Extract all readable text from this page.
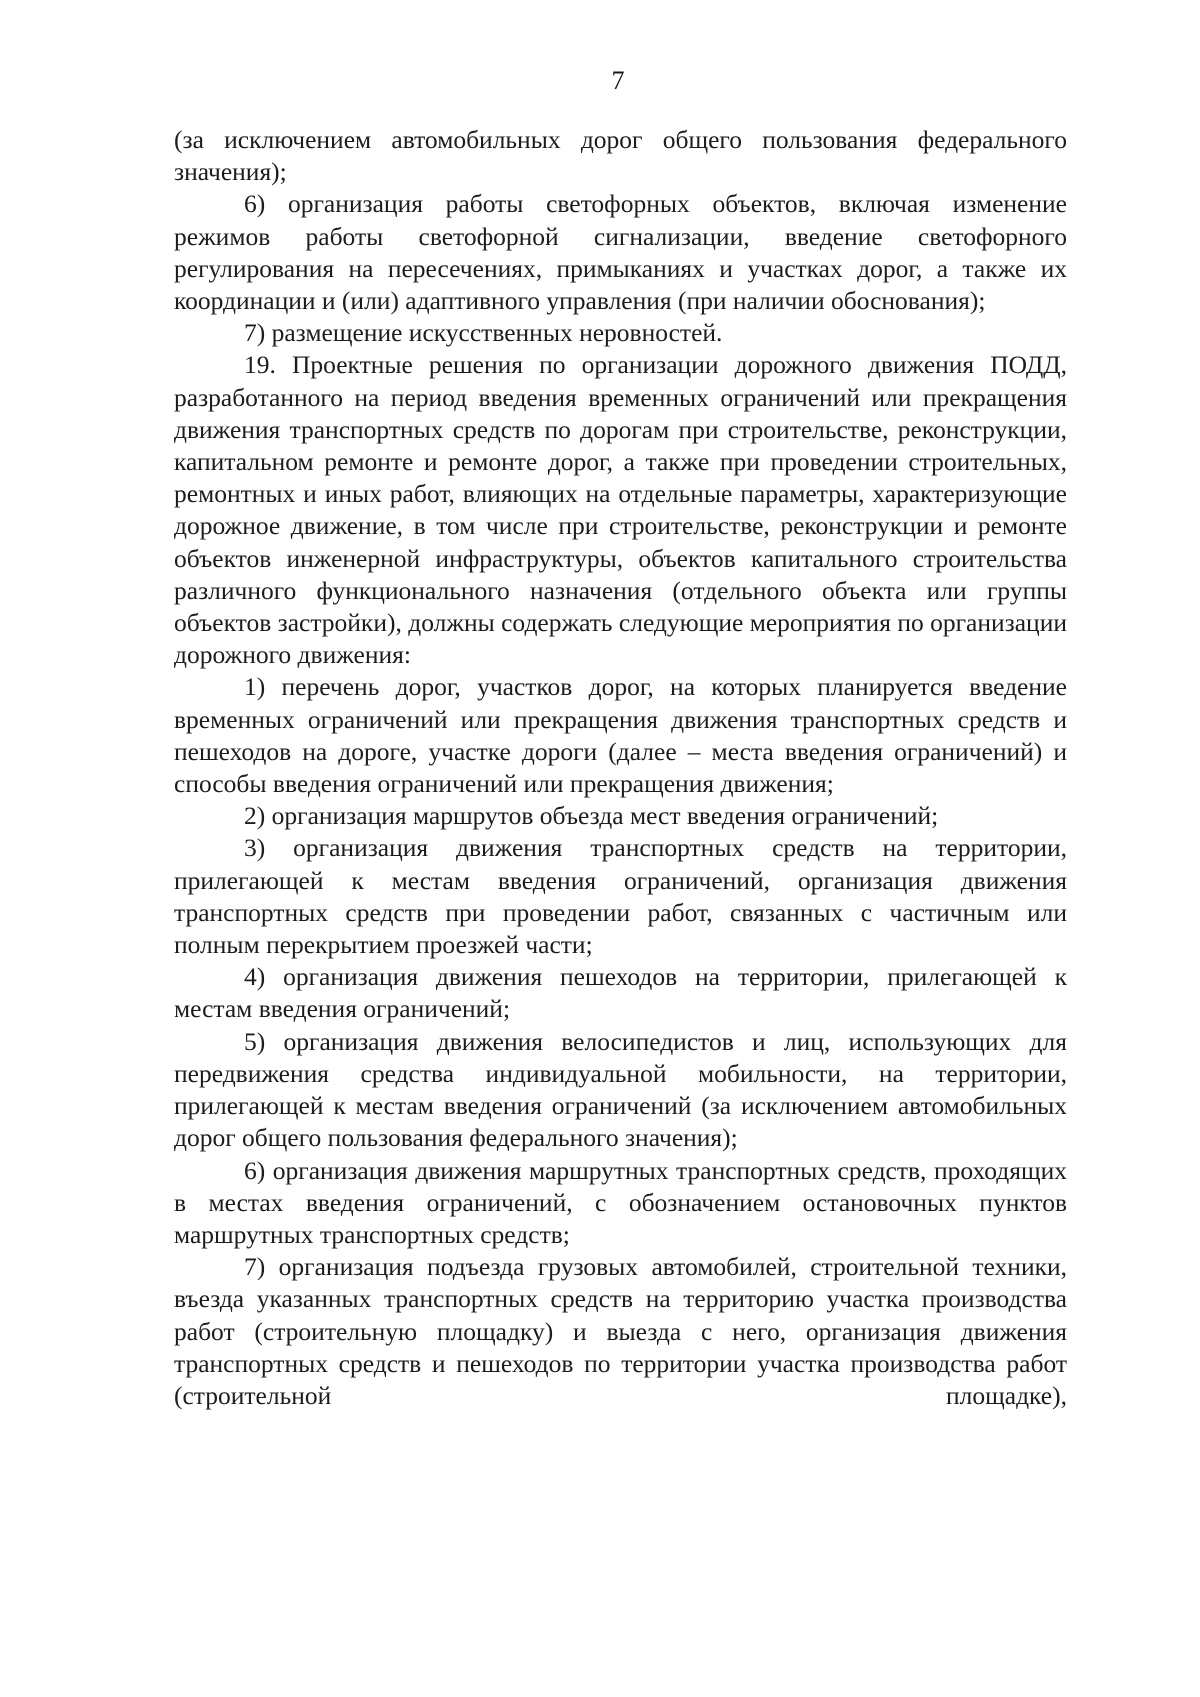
7

(за исключением автомобильных дорог общего пользования федерального значения);

6) организация работы светофорных объектов, включая изменение режимов работы светофорной сигнализации, введение светофорного регулирования на пересечениях, примыканиях и участках дорог, а также их координации и (или) адаптивного управления (при наличии обоснования);

7) размещение искусственных неровностей.

19. Проектные решения по организации дорожного движения ПОДД, разработанного на период введения временных ограничений или прекращения движения транспортных средств по дорогам при строительстве, реконструкции, капитальном ремонте и ремонте дорог, а также при проведении строительных, ремонтных и иных работ, влияющих на отдельные параметры, характеризующие дорожное движение, в том числе при строительстве, реконструкции и ремонте объектов инженерной инфраструктуры, объектов капитального строительства различного функционального назначения (отдельного объекта или группы объектов застройки), должны содержать следующие мероприятия по организации дорожного движения:

1) перечень дорог, участков дорог, на которых планируется введение временных ограничений или прекращения движения транспортных средств и пешеходов на дороге, участке дороги (далее – места введения ограничений) и способы введения ограничений или прекращения движения;

2) организация маршрутов объезда мест введения ограничений;

3) организация движения транспортных средств на территории, прилегающей к местам введения ограничений, организация движения транспортных средств при проведении работ, связанных с частичным или полным перекрытием проезжей части;

4) организация движения пешеходов на территории, прилегающей к местам введения ограничений;

5) организация движения велосипедистов и лиц, использующих для передвижения средства индивидуальной мобильности, на территории, прилегающей к местам введения ограничений (за исключением автомобильных дорог общего пользования федерального значения);

6) организация движения маршрутных транспортных средств, проходящих в местах введения ограничений, с обозначением остановочных пунктов маршрутных транспортных средств;

7) организация подъезда грузовых автомобилей, строительной техники, въезда указанных транспортных средств на территорию участка производства работ (строительную площадку) и выезда с него, организация движения транспортных средств и пешеходов по территории участка производства работ (строительной площадке),
